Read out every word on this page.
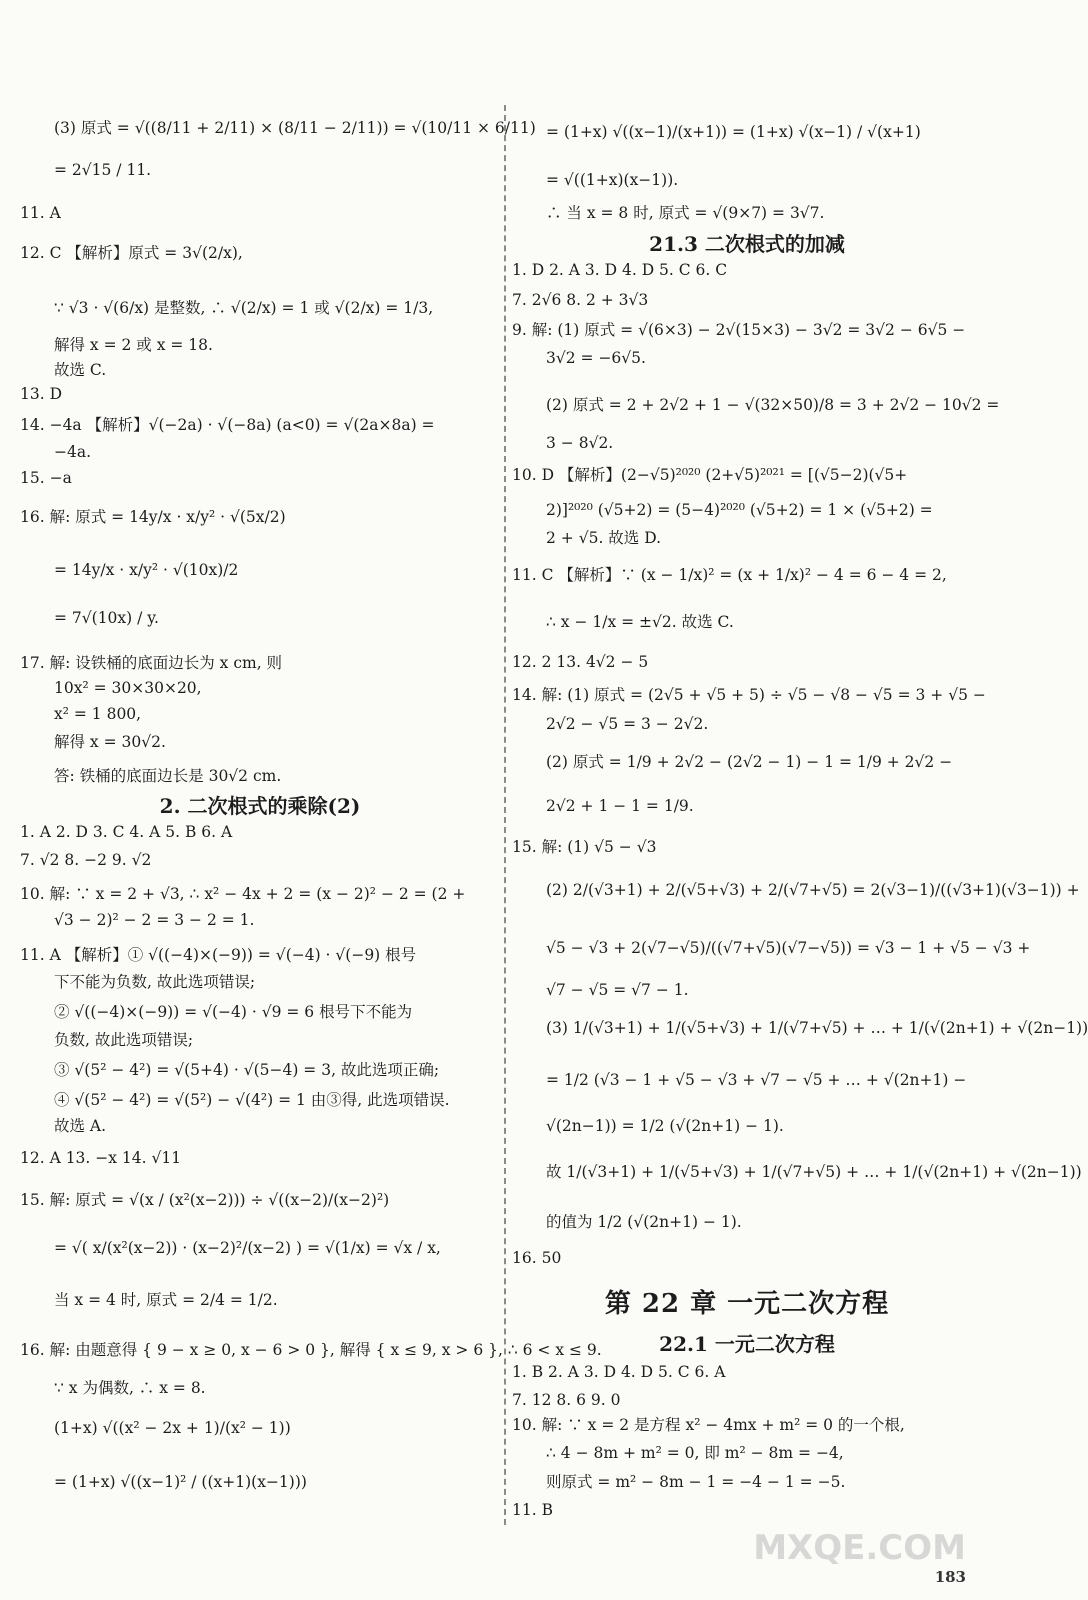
2. 二次根式的乘除(2)
(3) 原式 = √((8/11 + 2/11) × (8/11 − 2/11)) = √(10/11 × 6/11)
= 2√15 / 11.
11. A
12. C 【解析】原式 = 3√(2/x),
∵ √3 · √(6/x) 是整数, ∴ √(2/x) = 1 或 √(2/x) = 1/3,
解得 x = 2 或 x = 18.
故选 C.
13. D
14. −4a 【解析】√(−2a) · √(−8a) (a<0) = √(2a×8a) =
−4a.
15. −a
16. 解: 原式 = 14y/x · x/y² · √(5x/2)
= 14y/x · x/y² · √(10x)/2
= 7√(10x) / y.
17. 解: 设铁桶的底面边长为 x cm, 则
10x² = 30×30×20,
x² = 1 800,
解得 x = 30√2.
答: 铁桶的底面边长是 30√2 cm.
1. A 2. D 3. C 4. A 5. B 6. A
7. √2 8. −2 9. √2
10. 解: ∵ x = 2 + √3, ∴ x² − 4x + 2 = (x − 2)² − 2 = (2 +
√3 − 2)² − 2 = 3 − 2 = 1.
11. A 【解析】① √((−4)×(−9)) = √(−4) · √(−9) 根号
下不能为负数, 故此选项错误;
② √((−4)×(−9)) = √(−4) · √9 = 6 根号下不能为
负数, 故此选项错误;
③ √(5² − 4²) = √(5+4) · √(5−4) = 3, 故此选项正确;
④ √(5² − 4²) = √(5²) − √(4²) = 1 由③得, 此选项错误.
故选 A.
12. A 13. −x 14. √11
15. 解: 原式 = √(x / (x²(x−2))) ÷ √((x−2)/(x−2)²)
= √( x/(x²(x−2)) · (x−2)²/(x−2) ) = √(1/x) = √x / x,
当 x = 4 时, 原式 = 2/4 = 1/2.
16. 解: 由题意得 { 9 − x ≥ 0, x − 6 > 0 }, 解得 { x ≤ 9, x > 6 }, ∴ 6 < x ≤ 9.
∵ x 为偶数, ∴ x = 8.
(1+x) √((x² − 2x + 1)/(x² − 1))
= (1+x) √((x−1)² / ((x+1)(x−1)))
21.3 二次根式的加减
第 22 章 一元二次方程
22.1 一元二次方程
= (1+x) √((x−1)/(x+1)) = (1+x) √(x−1) / √(x+1)
= √((1+x)(x−1)).
∴ 当 x = 8 时, 原式 = √(9×7) = 3√7.
1. D 2. A 3. D 4. D 5. C 6. C
7. 2√6 8. 2 + 3√3
9. 解: (1) 原式 = √(6×3) − 2√(15×3) − 3√2 = 3√2 − 6√5 −
3√2 = −6√5.
(2) 原式 = 2 + 2√2 + 1 − √(32×50)/8 = 3 + 2√2 − 10√2 =
3 − 8√2.
10. D 【解析】(2−√5)²⁰²⁰ (2+√5)²⁰²¹ = [(√5−2)(√5+
2)]²⁰²⁰ (√5+2) = (5−4)²⁰²⁰ (√5+2) = 1 × (√5+2) =
2 + √5. 故选 D.
11. C 【解析】∵ (x − 1/x)² = (x + 1/x)² − 4 = 6 − 4 = 2,
∴ x − 1/x = ±√2. 故选 C.
12. 2 13. 4√2 − 5
14. 解: (1) 原式 = (2√5 + √5 + 5) ÷ √5 − √8 − √5 = 3 + √5 −
2√2 − √5 = 3 − 2√2.
(2) 原式 = 1/9 + 2√2 − (2√2 − 1) − 1 = 1/9 + 2√2 −
2√2 + 1 − 1 = 1/9.
15. 解: (1) √5 − √3
(2) 2/(√3+1) + 2/(√5+√3) + 2/(√7+√5) = 2(√3−1)/((√3+1)(√3−1)) +
√5 − √3 + 2(√7−√5)/((√7+√5)(√7−√5)) = √3 − 1 + √5 − √3 +
√7 − √5 = √7 − 1.
(3) 1/(√3+1) + 1/(√5+√3) + 1/(√7+√5) + … + 1/(√(2n+1) + √(2n−1))
= 1/2 (√3 − 1 + √5 − √3 + √7 − √5 + … + √(2n+1) −
√(2n−1)) = 1/2 (√(2n+1) − 1).
故 1/(√3+1) + 1/(√5+√3) + 1/(√7+√5) + … + 1/(√(2n+1) + √(2n−1))
的值为 1/2 (√(2n+1) − 1).
16. 50
1. B 2. A 3. D 4. D 5. C 6. A
7. 12 8. 6 9. 0
10. 解: ∵ x = 2 是方程 x² − 4mx + m² = 0 的一个根,
∴ 4 − 8m + m² = 0, 即 m² − 8m = −4,
则原式 = m² − 8m − 1 = −4 − 1 = −5.
11. B
MXQE.COM
183
